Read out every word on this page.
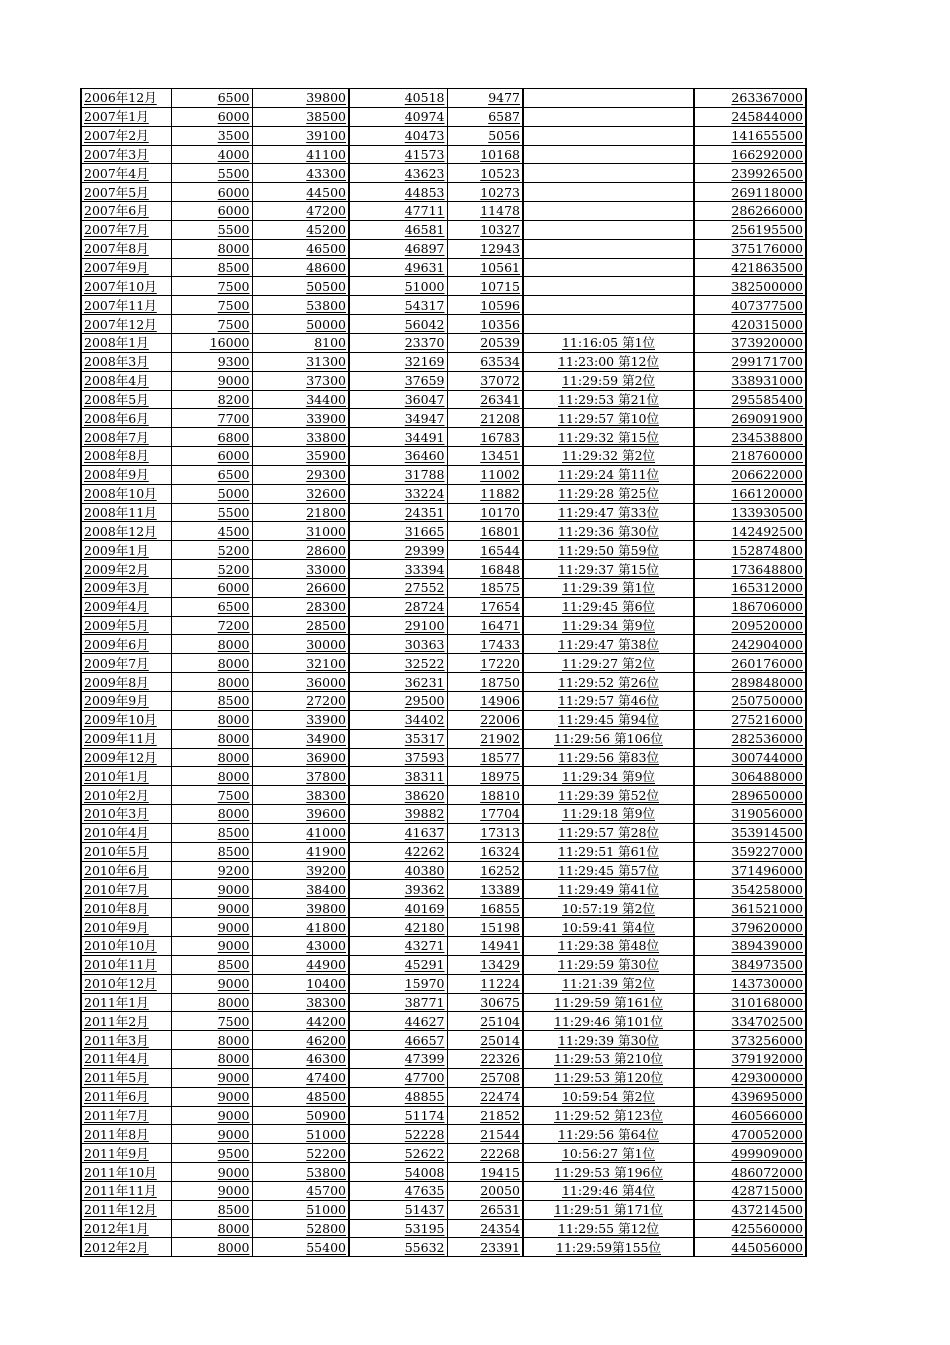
2006年12月	6500	39800	40518	9477		263367000
2007年1月	6000	38500	40974	6587		245844000
2007年2月	3500	39100	40473	5056		141655500
2007年3月	4000	41100	41573	10168		166292000
2007年4月	5500	43300	43623	10523		239926500
2007年5月	6000	44500	44853	10273		269118000
2007年6月	6000	47200	47711	11478		286266000
2007年7月	5500	45200	46581	10327		256195500
2007年8月	8000	46500	46897	12943		375176000
2007年9月	8500	48600	49631	10561		421863500
2007年10月	7500	50500	51000	10715		382500000
2007年11月	7500	53800	54317	10596		407377500
2007年12月	7500	50000	56042	10356		420315000
2008年1月	16000	8100	23370	20539	11:16:05 第1位	373920000
2008年3月	9300	31300	32169	63534	11:23:00 第12位	299171700
2008年4月	9000	37300	37659	37072	11:29:59 第2位	338931000
2008年5月	8200	34400	36047	26341	11:29:53 第21位	295585400
2008年6月	7700	33900	34947	21208	11:29:57 第10位	269091900
2008年7月	6800	33800	34491	16783	11:29:32 第15位	234538800
2008年8月	6000	35900	36460	13451	11:29:32 第2位	218760000
2008年9月	6500	29300	31788	11002	11:29:24 第11位	206622000
2008年10月	5000	32600	33224	11882	11:29:28 第25位	166120000
2008年11月	5500	21800	24351	10170	11:29:47 第33位	133930500
2008年12月	4500	31000	31665	16801	11:29:36 第30位	142492500
2009年1月	5200	28600	29399	16544	11:29:50 第59位	152874800
2009年2月	5200	33000	33394	16848	11:29:37 第15位	173648800
2009年3月	6000	26600	27552	18575	11:29:39 第1位	165312000
2009年4月	6500	28300	28724	17654	11:29:45 第6位	186706000
2009年5月	7200	28500	29100	16471	11:29:34 第9位	209520000
2009年6月	8000	30000	30363	17433	11:29:47 第38位	242904000
2009年7月	8000	32100	32522	17220	11:29:27 第2位	260176000
2009年8月	8000	36000	36231	18750	11:29:52 第26位	289848000
2009年9月	8500	27200	29500	14906	11:29:57 第46位	250750000
2009年10月	8000	33900	34402	22006	11:29:45 第94位	275216000
2009年11月	8000	34900	35317	21902	11:29:56 第106位	282536000
2009年12月	8000	36900	37593	18577	11:29:56 第83位	300744000
2010年1月	8000	37800	38311	18975	11:29:34 第9位	306488000
2010年2月	7500	38300	38620	18810	11:29:39 第52位	289650000
2010年3月	8000	39600	39882	17704	11:29:18 第9位	319056000
2010年4月	8500	41000	41637	17313	11:29:57 第28位	353914500
2010年5月	8500	41900	42262	16324	11:29:51 第61位	359227000
2010年6月	9200	39200	40380	16252	11:29:45 第57位	371496000
2010年7月	9000	38400	39362	13389	11:29:49 第41位	354258000
2010年8月	9000	39800	40169	16855	10:57:19 第2位	361521000
2010年9月	9000	41800	42180	15198	10:59:41 第4位	379620000
2010年10月	9000	43000	43271	14941	11:29:38 第48位	389439000
2010年11月	8500	44900	45291	13429	11:29:59 第30位	384973500
2010年12月	9000	10400	15970	11224	11:21:39 第2位	143730000
2011年1月	8000	38300	38771	30675	11:29:59 第161位	310168000
2011年2月	7500	44200	44627	25104	11:29:46 第101位	334702500
2011年3月	8000	46200	46657	25014	11:29:39 第30位	373256000
2011年4月	8000	46300	47399	22326	11:29:53 第210位	379192000
2011年5月	9000	47400	47700	25708	11:29:53 第120位	429300000
2011年6月	9000	48500	48855	22474	10:59:54 第2位	439695000
2011年7月	9000	50900	51174	21852	11:29:52 第123位	460566000
2011年8月	9000	51000	52228	21544	11:29:56 第64位	470052000
2011年9月	9500	52200	52622	22268	10:56:27 第1位	499909000
2011年10月	9000	53800	54008	19415	11:29:53 第196位	486072000
2011年11月	9000	45700	47635	20050	11:29:46 第4位	428715000
2011年12月	8500	51000	51437	26531	11:29:51 第171位	437214500
2012年1月	8000	52800	53195	24354	11:29:55 第12位	425560000
2012年2月	8000	55400	55632	23391	11:29:59第155位	445056000
